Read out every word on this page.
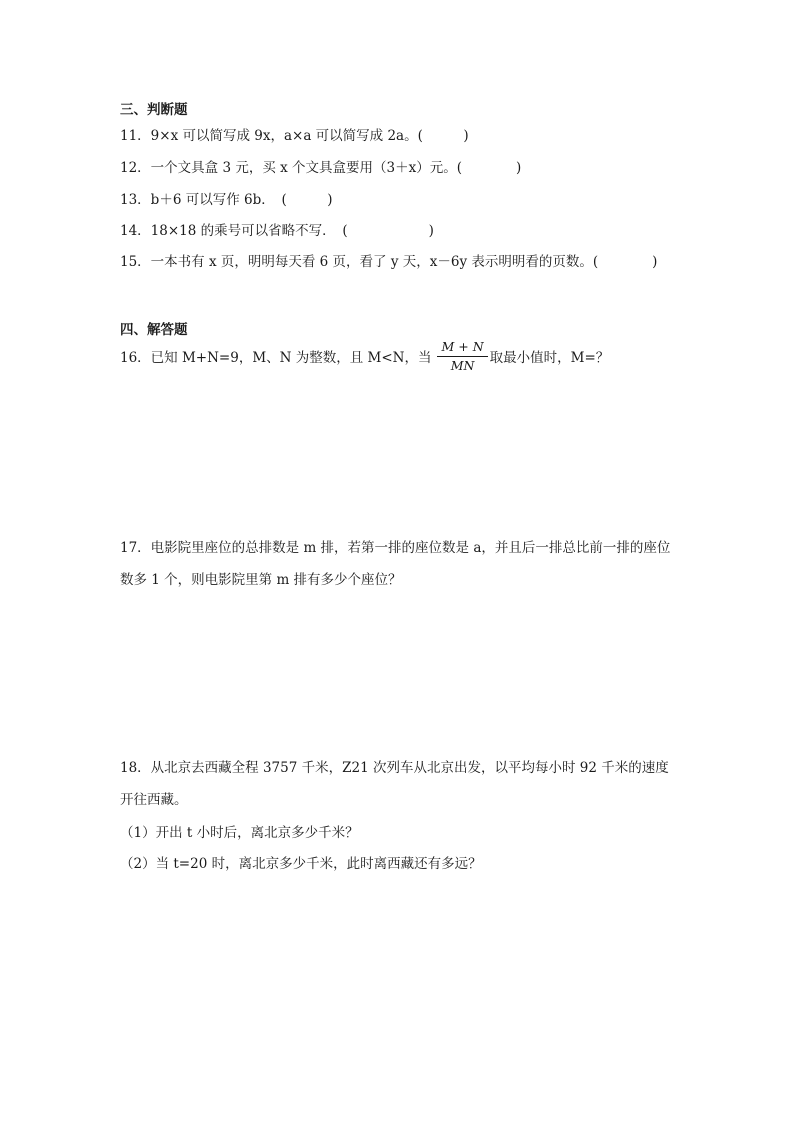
三、判断题
11．9×x 可以简写成 9x，a×a 可以简写成 2a。(　　　)
12．一个文具盒 3 元，买 x 个文具盒要用（3＋x）元。(　　　　)
13．b＋6 可以写作 6b．　(　　　)
14．18×18 的乘号可以省略不写．　(　　　　　　)
15．一本书有 x 页，明明每天看 6 页，看了 y 天，x－6y 表示明明看的页数。(　　　　)
四、解答题
16．已知 M+N=9，M、N 为整数，且 M<N，当 $\frac{M + N}{MN}$ 取最小值时，M=？
17．电影院里座位的总排数是 m 排，若第一排的座位数是 a，并且后一排总比前一排的座位数多 1 个，则电影院里第 m 排有多少个座位？
18．从北京去西藏全程 3757 千米，Z21 次列车从北京出发，以平均每小时 92 千米的速度开往西藏。
（1）开出 t 小时后，离北京多少千米？
（2）当 t=20 时，离北京多少千米，此时离西藏还有多远？
